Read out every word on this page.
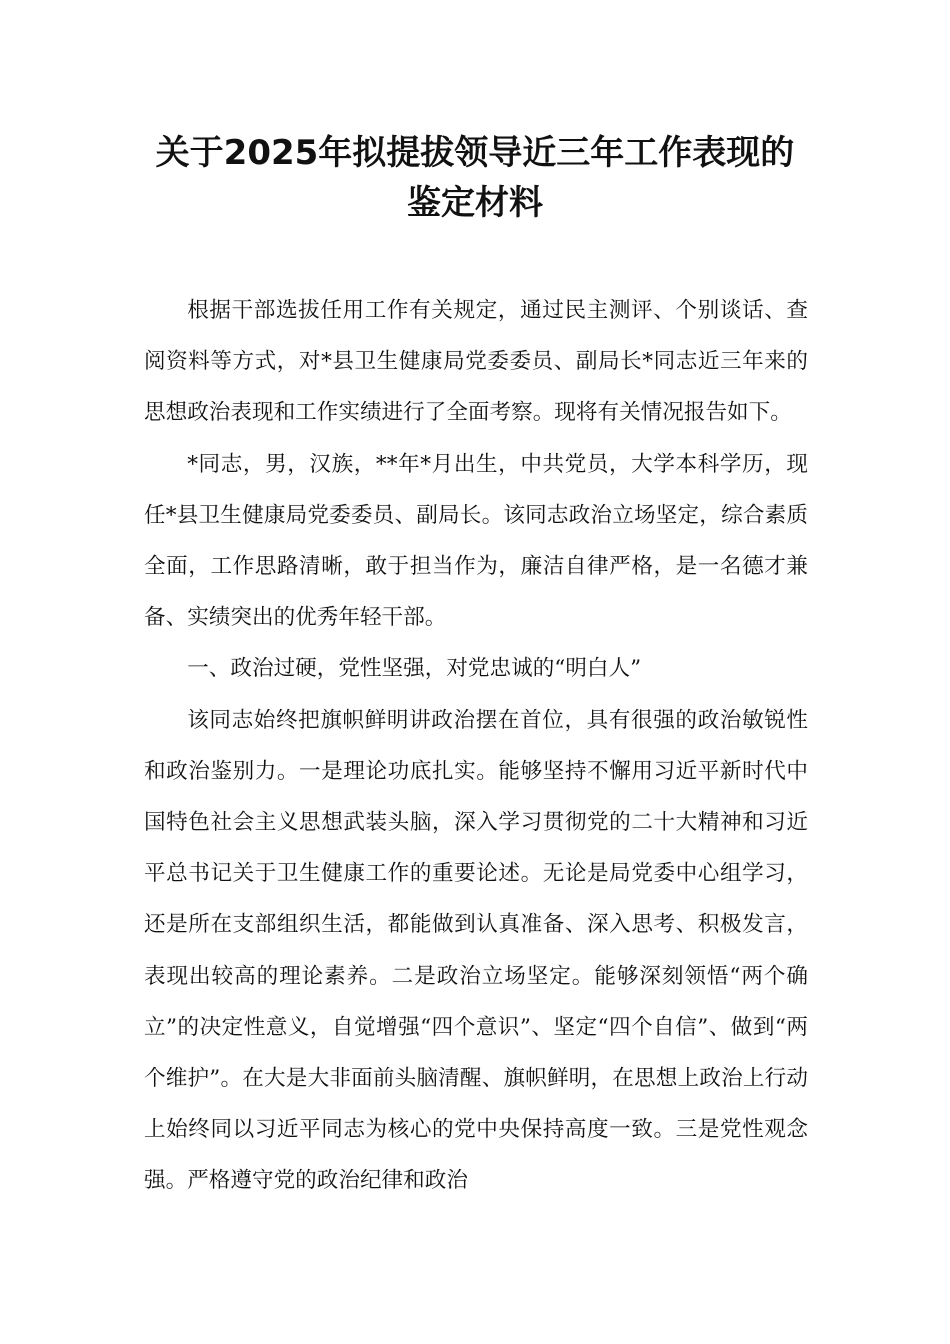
关于2025年拟提拔领导近三年工作表现的
鉴定材料

根据干部选拔任用工作有关规定，通过民主测评、个别谈话、查阅资料等方式，对*县卫生健康局党委委员、副局长*同志近三年来的思想政治表现和工作实绩进行了全面考察。现将有关情况报告如下。

*同志，男，汉族，**年*月出生，中共党员，大学本科学历，现任*县卫生健康局党委委员、副局长。该同志政治立场坚定，综合素质全面，工作思路清晰，敢于担当作为，廉洁自律严格，是一名德才兼备、实绩突出的优秀年轻干部。

一、政治过硬，党性坚强，对党忠诚的“明白人”

该同志始终把旗帜鲜明讲政治摆在首位，具有很强的政治敏锐性和政治鉴别力。一是理论功底扎实。能够坚持不懈用习近平新时代中国特色社会主义思想武装头脑，深入学习贯彻党的二十大精神和习近平总书记关于卫生健康工作的重要论述。无论是局党委中心组学习，还是所在支部组织生活，都能做到认真准备、深入思考、积极发言，表现出较高的理论素养。二是政治立场坚定。能够深刻领悟“两个确立”的决定性意义，自觉增强“四个意识”、坚定“四个自信”、做到“两个维护”。在大是大非面前头脑清醒、旗帜鲜明，在思想上政治上行动上始终同以习近平同志为核心的党中央保持高度一致。三是党性观念强。严格遵守党的政治纪律和政治
